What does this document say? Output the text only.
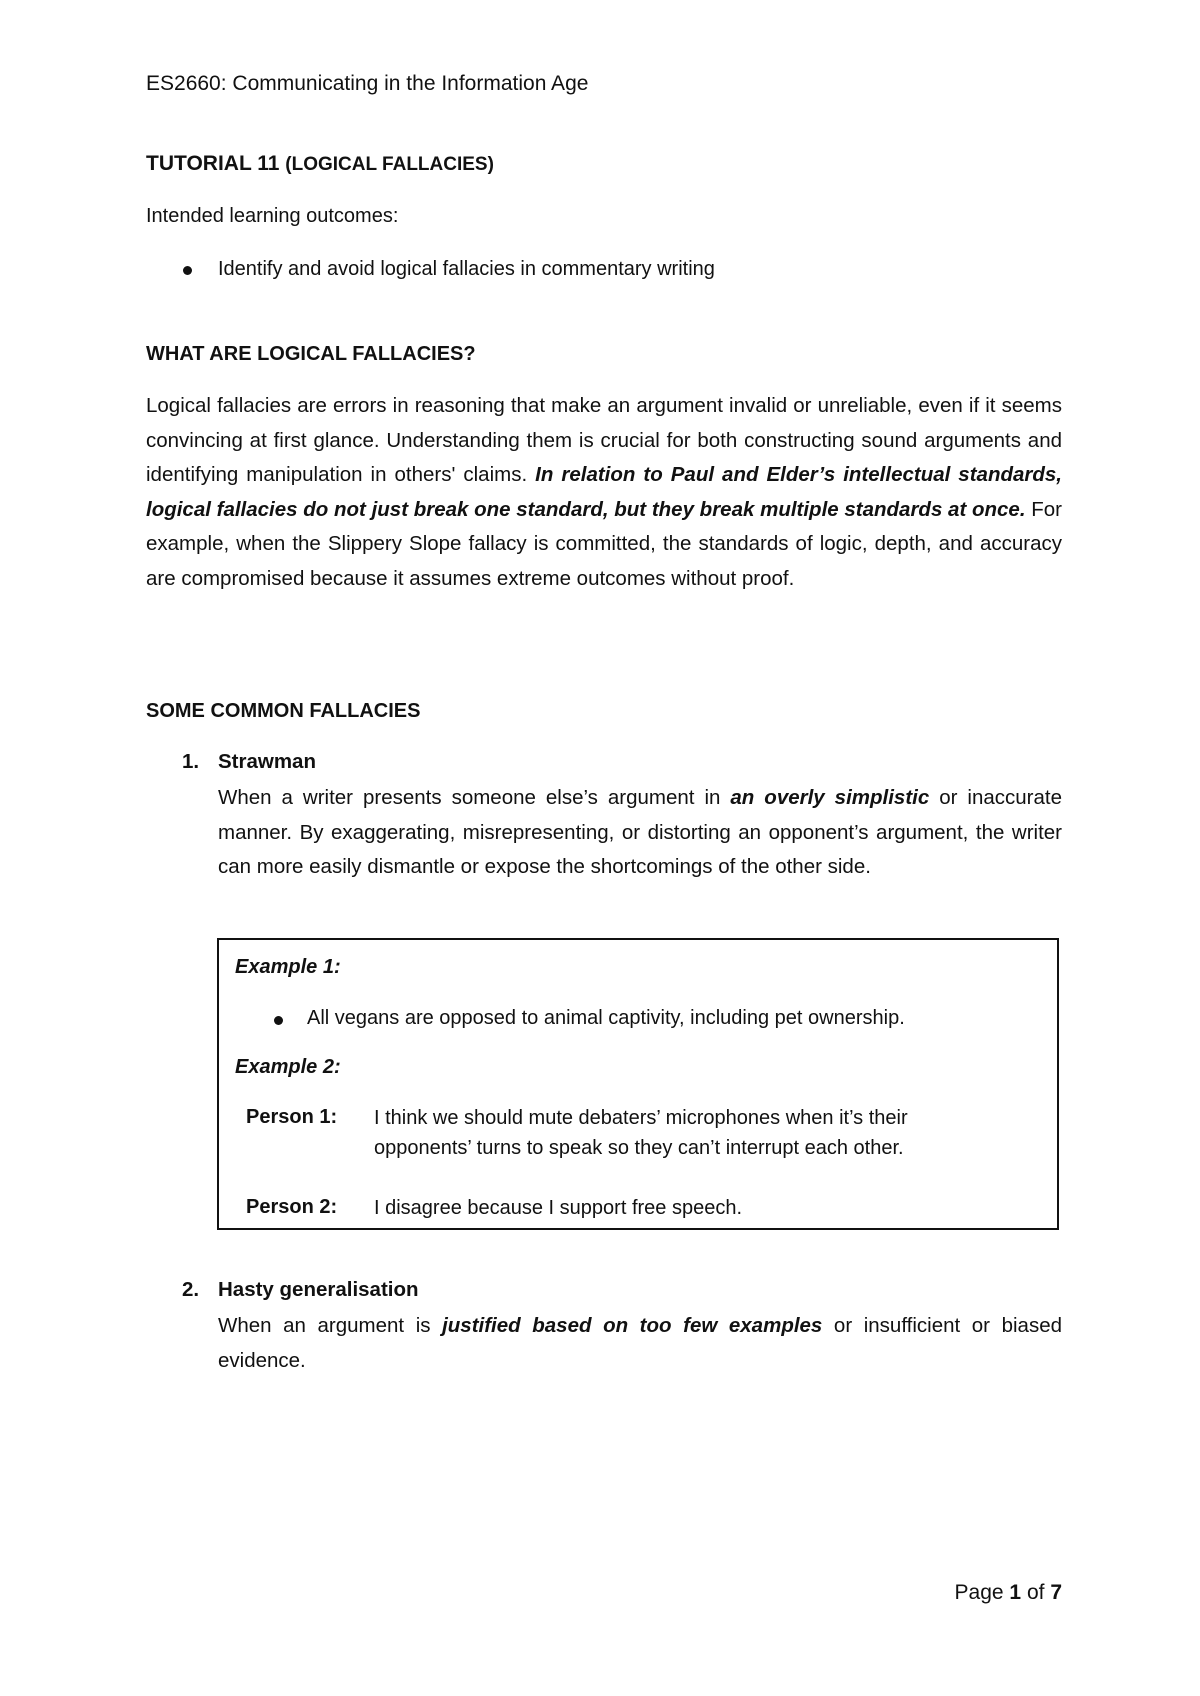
ES2660: Communicating in the Information Age
TUTORIAL 11 (LOGICAL FALLACIES)
Intended learning outcomes:
Identify and avoid logical fallacies in commentary writing
WHAT ARE LOGICAL FALLACIES?
Logical fallacies are errors in reasoning that make an argument invalid or unreliable, even if it seems convincing at first glance. Understanding them is crucial for both constructing sound arguments and identifying manipulation in others' claims. In relation to Paul and Elder’s intellectual standards, logical fallacies do not just break one standard, but they break multiple standards at once. For example, when the Slippery Slope fallacy is committed, the standards of logic, depth, and accuracy are compromised because it assumes extreme outcomes without proof.
SOME COMMON FALLACIES
1. Strawman
When a writer presents someone else’s argument in an overly simplistic or inaccurate manner. By exaggerating, misrepresenting, or distorting an opponent’s argument, the writer can more easily dismantle or expose the shortcomings of the other side.
Example 1:
All vegans are opposed to animal captivity, including pet ownership.
Example 2:
Person 1: I think we should mute debaters’ microphones when it’s their opponents’ turns to speak so they can’t interrupt each other.
Person 2: I disagree because I support free speech.
2. Hasty generalisation
When an argument is justified based on too few examples or insufficient or biased evidence.
Page 1 of 7
